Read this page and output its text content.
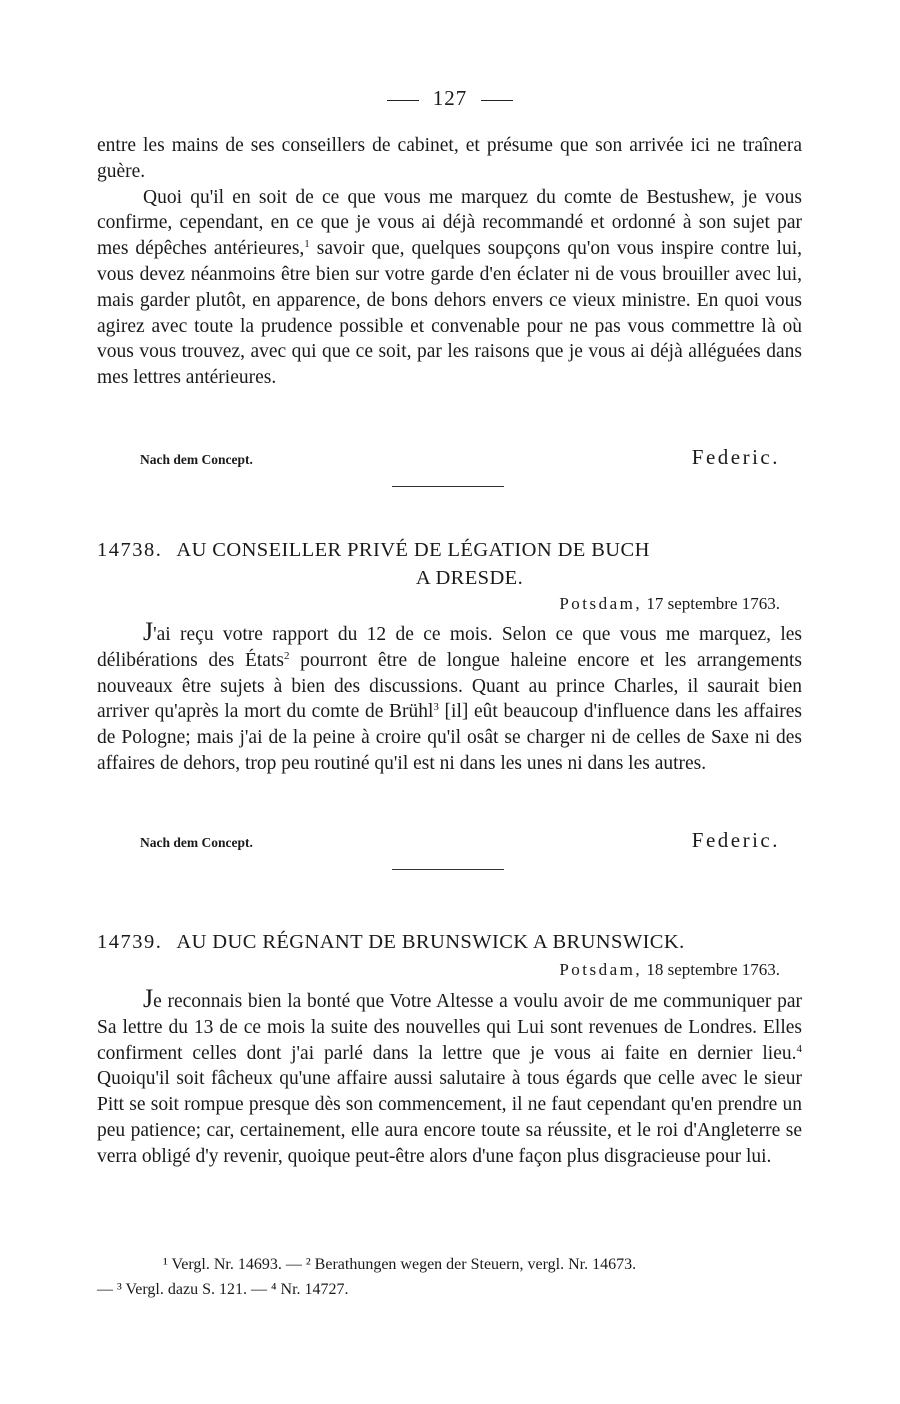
127

entre les mains de ses conseillers de cabinet, et présume que son arrivée ici ne traînera guère.

Quoi qu'il en soit de ce que vous me marquez du comte de Bestushew, je vous confirme, cependant, en ce que je vous ai déjà recommandé et ordonné à son sujet par mes dépêches antérieures,$^1$ savoir que, quelques soupçons qu'on vous inspire contre lui, vous devez néanmoins être bien sur votre garde d'en éclater ni de vous brouiller avec lui, mais garder plutôt, en apparence, de bons dehors envers ce vieux ministre. En quoi vous agirez avec toute la prudence possible et convenable pour ne pas vous commettre là où vous vous trouvez, avec qui que ce soit, par les raisons que je vous ai déjà alléguées dans mes lettres antérieures.

Nach dem Concept.	Federic.
14738. AU CONSEILLER PRIVÉ DE LÉGATION DE BUCH
A DRESDE.
Potsdam, 17 septembre 1763.

J'ai reçu votre rapport du 12 de ce mois. Selon ce que vous me marquez, les délibérations des États$^2$ pourront être de longue haleine encore et les arrangements nouveaux être sujets à bien des discussions. Quant au prince Charles, il saurait bien arriver qu'après la mort du comte de Brühl$^3$ [il] eût beaucoup d'influence dans les affaires de Pologne; mais j'ai de la peine à croire qu'il osât se charger ni de celles de Saxe ni des affaires de dehors, trop peu routiné qu'il est ni dans les unes ni dans les autres.

Nach dem Concept.	Federic.
14739. AU DUC RÉGNANT DE BRUNSWICK A BRUNSWICK.
Potsdam, 18 septembre 1763.

Je reconnais bien la bonté que Votre Altesse a voulu avoir de me communiquer par Sa lettre du 13 de ce mois la suite des nouvelles qui Lui sont revenues de Londres. Elles confirment celles dont j'ai parlé dans la lettre que je vous ai faite en dernier lieu.$^4$ Quoiqu'il soit fâcheux qu'une affaire aussi salutaire à tous égards que celle avec le sieur Pitt se soit rompue presque dès son commencement, il ne faut cependant qu'en prendre un peu patience; car, certainement, elle aura encore toute sa réussite, et le roi d'Angleterre se verra obligé d'y revenir, quoique peut-être alors d'une façon plus disgracieuse pour lui.

¹ Vergl. Nr. 14693. — ² Berathungen wegen der Steuern, vergl. Nr. 14673.
— ³ Vergl. dazu S. 121. — ⁴ Nr. 14727.
